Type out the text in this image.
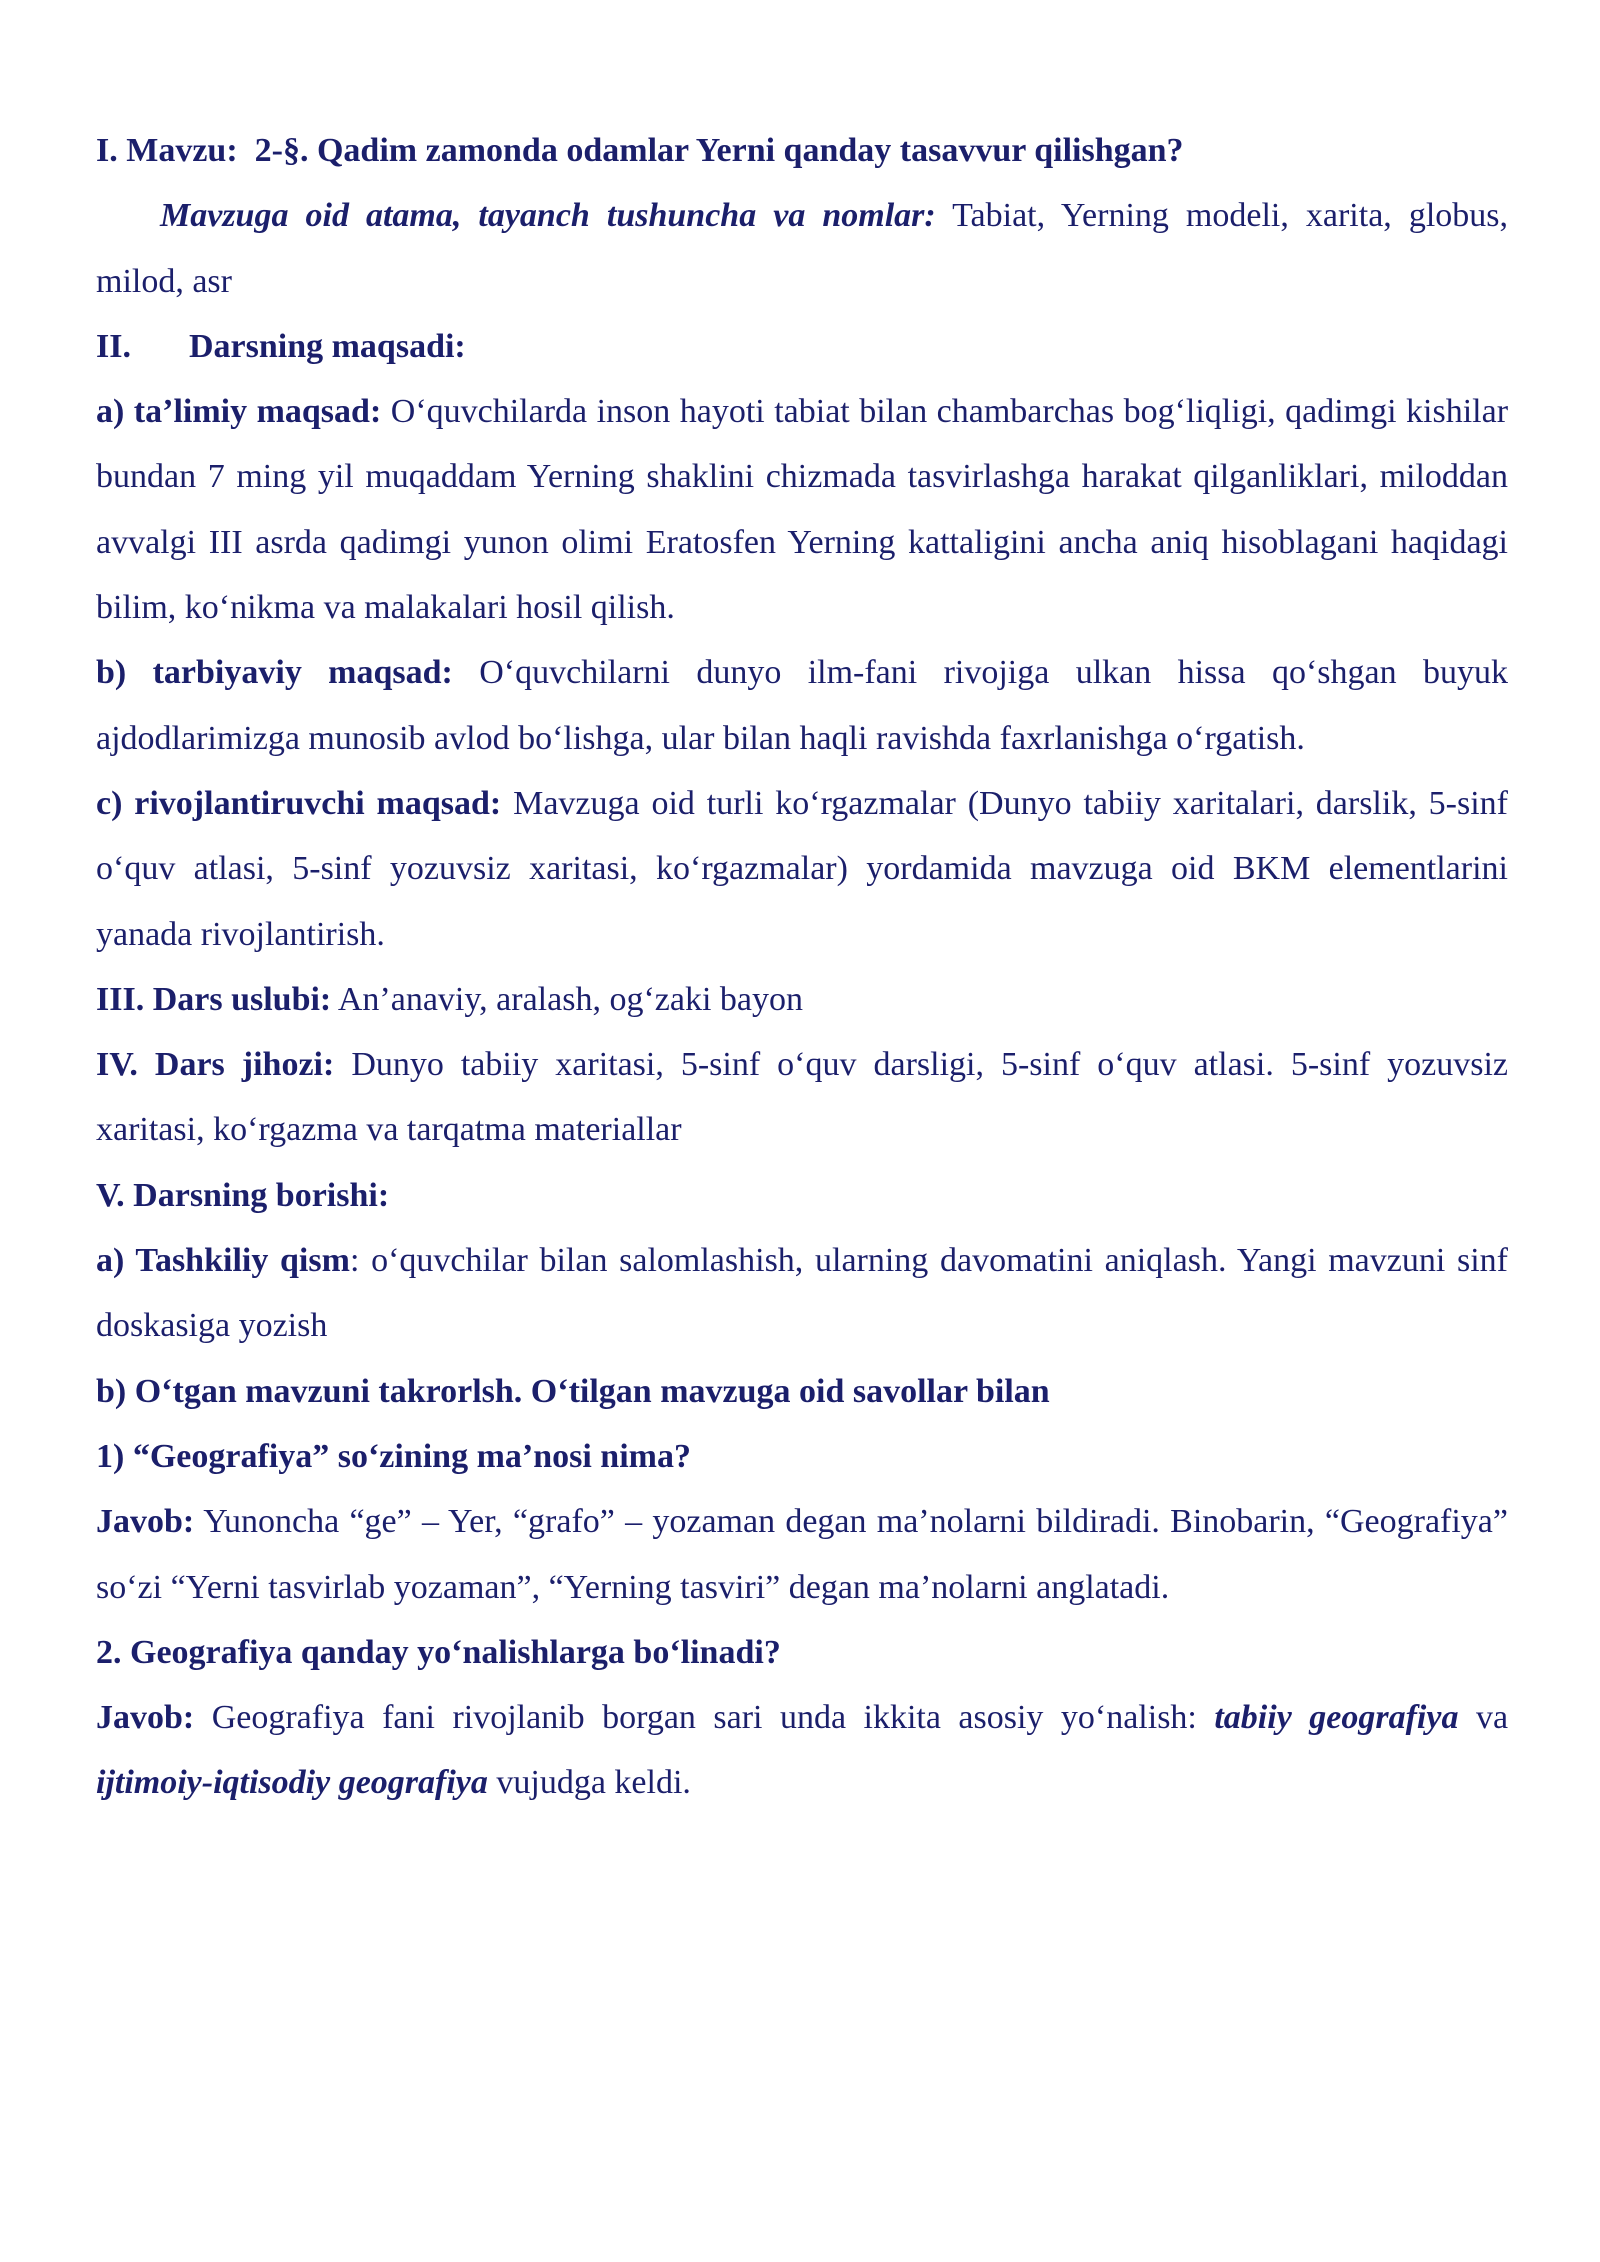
I. Mavzu: 2-§. Qadim zamonda odamlar Yerni qanday tasavvur qilishgan?

Mavzuga oid atama, tayanch tushuncha va nomlar: Tabiat, Yerning modeli, xarita, globus, milod, asr

II. Darsning maqsadi:

a) ta’limiy maqsad: O‘quvchilarda inson hayoti tabiat bilan chambarchas bog‘liqligi, qadimgi kishilar bundan 7 ming yil muqaddam Yerning shaklini chizmada tasvirlashga harakat qilganliklari, miloddan avvalgi III asrda qadimgi yunon olimi Eratosfen Yerning kattaligini ancha aniq hisoblagani haqidagi bilim, ko‘nikma va malakalari hosil qilish.

b) tarbiyaviy maqsad: O‘quvchilarni dunyo ilm-fani rivojiga ulkan hissa qo‘shgan buyuk ajdodlarimizga munosib avlod bo‘lishga, ular bilan haqli ravishda faxrlanishga o‘rgatish.

c) rivojlantiruvchi maqsad: Mavzuga oid turli ko‘rgazmalar (Dunyo tabiiy xaritalari, darslik, 5-sinf o‘quv atlasi, 5-sinf yozuvsiz xaritasi, ko‘rgazmalar) yordamida mavzuga oid BKM elementlarini yanada rivojlantirish.

III. Dars uslubi: An’anaviy, aralash, og‘zaki bayon

IV. Dars jihozi: Dunyo tabiiy xaritasi, 5-sinf o‘quv darsligi, 5-sinf o‘quv atlasi. 5-sinf yozuvsiz xaritasi, ko‘rgazma va tarqatma materiallar

V. Darsning borishi:

a) Tashkiliy qism: o‘quvchilar bilan salomlashish, ularning davomatini aniqlash. Yangi mavzuni sinf doskasiga yozish

b) O‘tgan mavzuni takrorlsh. O‘tilgan mavzuga oid savollar bilan

1) “Geografiya” so‘zining ma’nosi nima?

Javob: Yunoncha “ge” – Yer, “grafo” – yozaman degan ma’nolarni bildiradi. Binobarin, “Geografiya” so‘zi “Yerni tasvirlab yozaman”, “Yerning tasviri” degan ma’nolarni anglatadi.

2. Geografiya qanday yo‘nalishlarga bo‘linadi?

Javob: Geografiya fani rivojlanib borgan sari unda ikkita asosiy yo‘nalish: tabiiy geografiya va ijtimoiy-iqtisodiy geografiya vujudga keldi.
